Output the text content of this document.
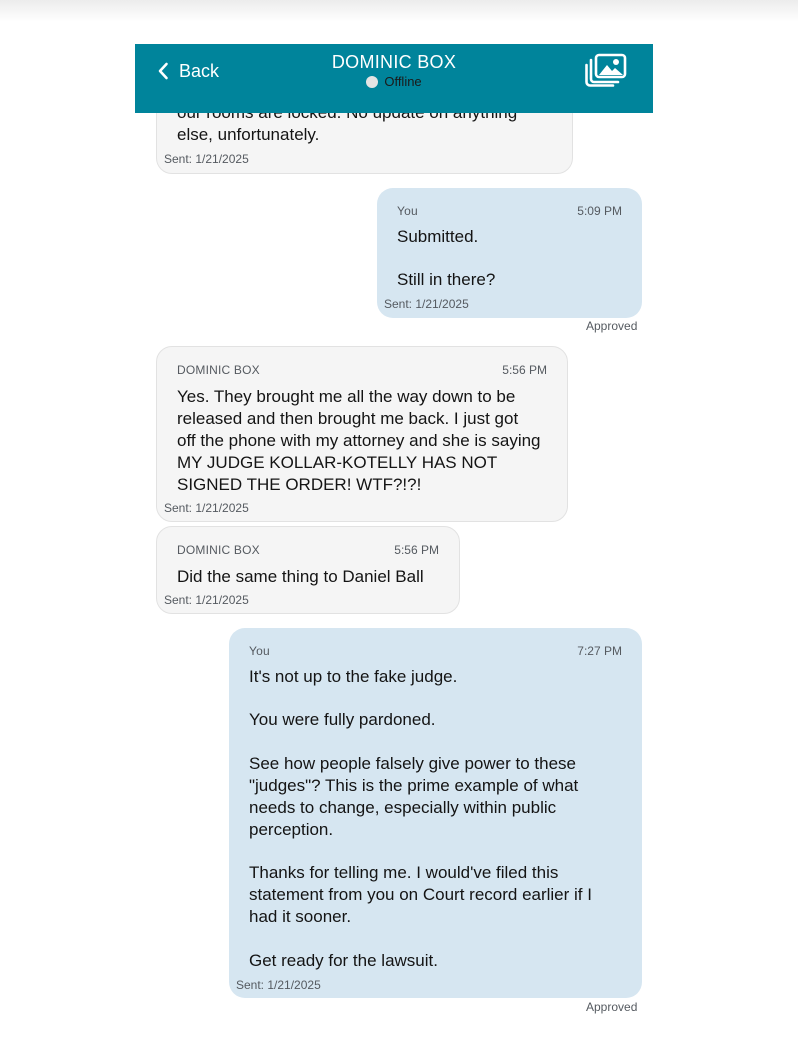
else, unfortunately.

Sent: 1/21/2025
You	5:09 PM

Submitted.

Still in there?

Sent: 1/21/2025
Approved
DOMINIC BOX	5:56 PM
Yes. They brought me all the way down to be released and then brought me back. I just got off the phone with my attorney and she is saying MY JUDGE KOLLAR-KOTELLY HAS NOT SIGNED THE ORDER! WTF?!?!
Sent: 1/21/2025
DOMINIC BOX	5:56 PM
Did the same thing to Daniel Ball
Sent: 1/21/2025
You	7:27 PM

It's not up to the fake judge.

You were fully pardoned.

See how people falsely give power to these "judges"? This is the prime example of what needs to change, especially within public perception.

Thanks for telling me. I would've filed this statement from you on Court record earlier if I had it sooner.

Get ready for the lawsuit.

Sent: 1/21/2025
Approved
Back	DOMINIC BOX
Offline
